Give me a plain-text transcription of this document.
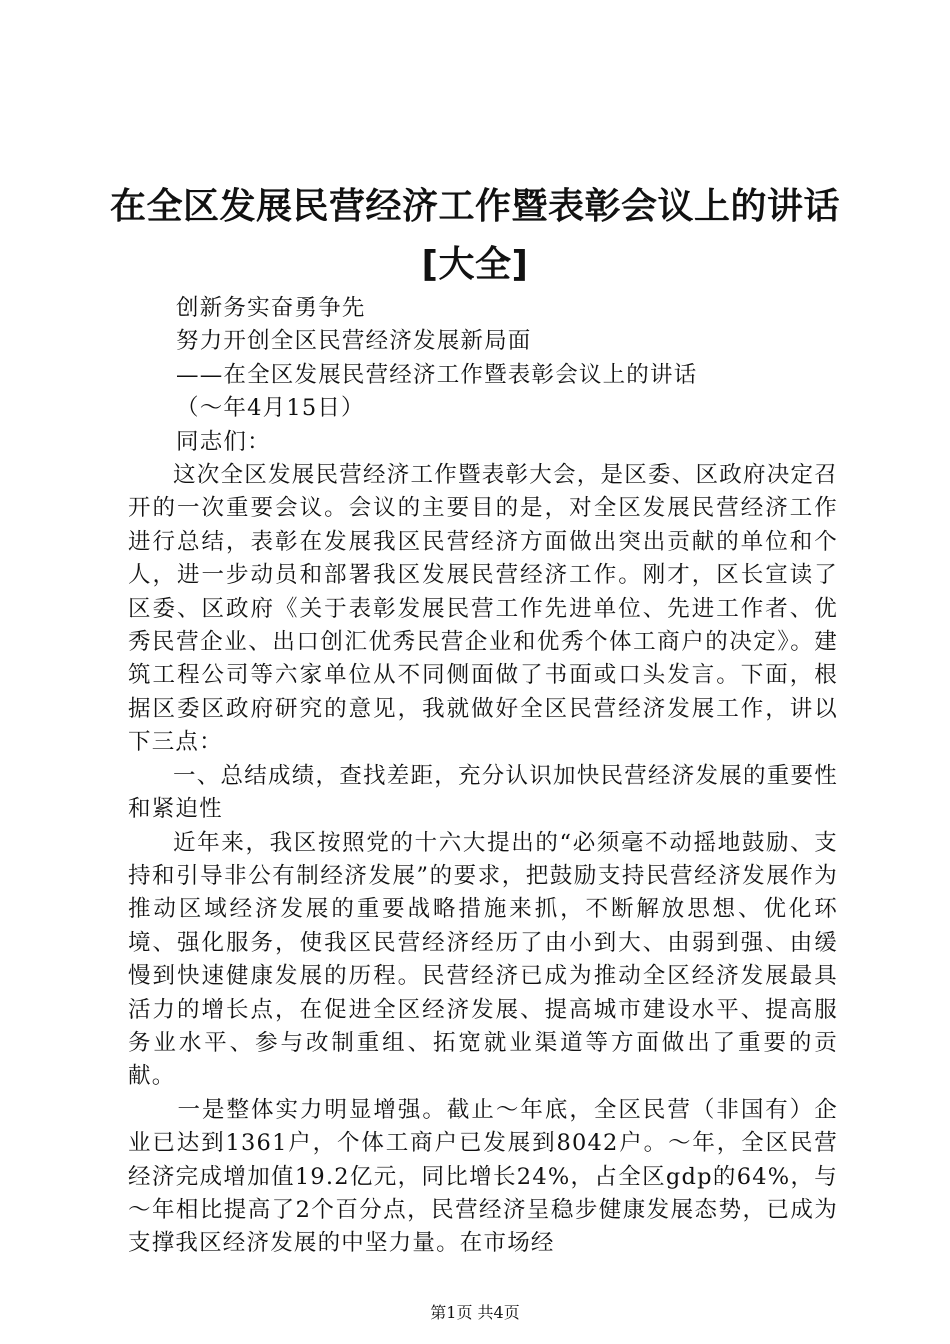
在全区发展民营经济工作暨表彰会议上的讲话
[大全]

创新务实奋勇争先

努力开创全区民营经济发展新局面

——在全区发展民营经济工作暨表彰会议上的讲话

（～年4月15日）

同志们：

这次全区发展民营经济工作暨表彰大会，是区委、区政府决定召开的一次重要会议。会议的主要目的是，对全区发展民营经济工作进行总结，表彰在发展我区民营经济方面做出突出贡献的单位和个人，进一步动员和部署我区发展民营经济工作。刚才，区长宣读了区委、区政府《关于表彰发展民营工作先进单位、先进工作者、优秀民营企业、出口创汇优秀民营企业和优秀个体工商户的决定》。建筑工程公司等六家单位从不同侧面做了书面或口头发言。下面，根据区委区政府研究的意见，我就做好全区民营经济发展工作，讲以下三点：

一、总结成绩，查找差距，充分认识加快民营经济发展的重要性和紧迫性

近年来，我区按照党的十六大提出的“必须毫不动摇地鼓励、支持和引导非公有制经济发展”的要求，把鼓励支持民营经济发展作为推动区域经济发展的重要战略措施来抓，不断解放思想、优化环境、强化服务，使我区民营经济经历了由小到大、由弱到强、由缓慢到快速健康发展的历程。民营经济已成为推动全区经济发展最具活力的增长点，在促进全区经济发展、提高城市建设水平、提高服务业水平、参与改制重组、拓宽就业渠道等方面做出了重要的贡献。

一是整体实力明显增强。截止～年底，全区民营（非国有）企业已达到1361户，个体工商户已发展到8042户。～年，全区民营经济完成增加值19.2亿元，同比增长24%，占全区gdp的64%，与～年相比提高了2个百分点，民营经济呈稳步健康发展态势，已成为支撑我区经济发展的中坚力量。在市场经

第1页 共4页
